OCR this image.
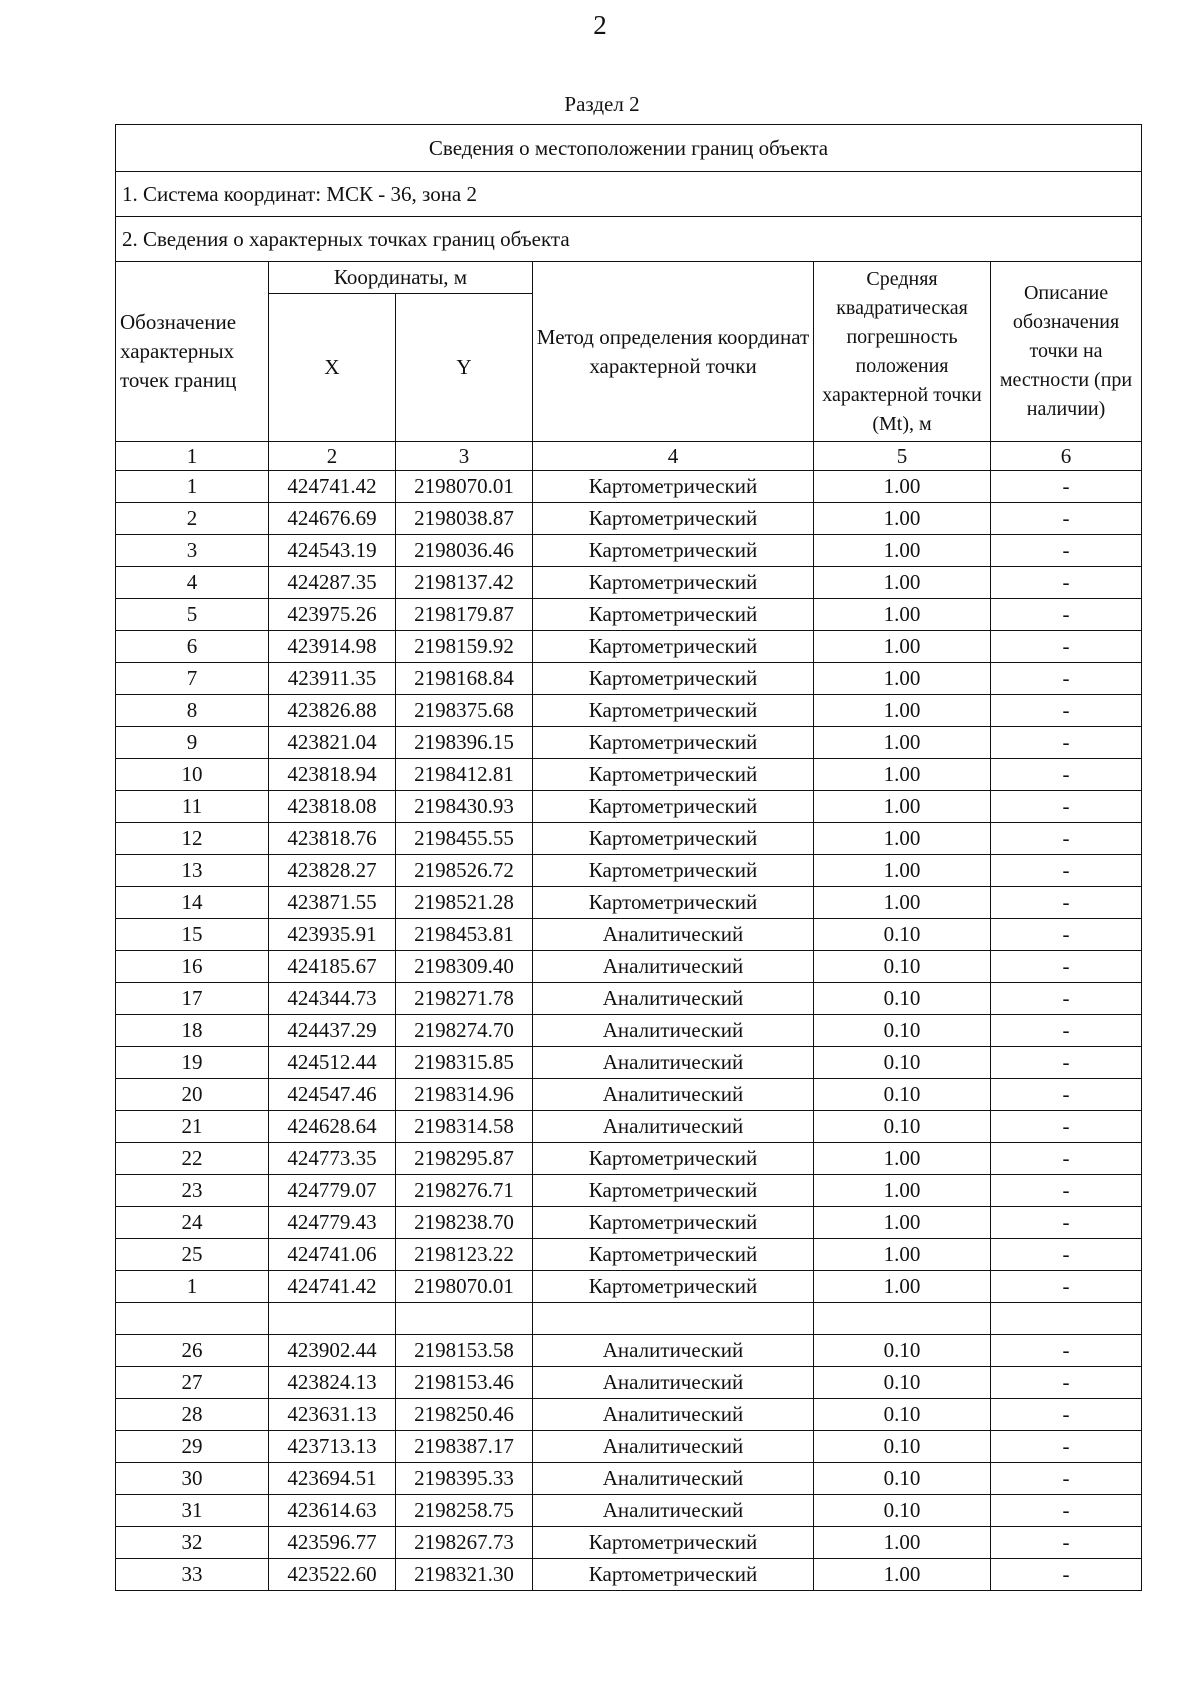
2
Раздел 2
Сведения о местоположении границ объекта					
1. Система координат: МСК - 36, зона 2					
2. Сведения о характерных точках границ объекта					
Обозначение характерных точек границ	Координаты, м		Метод определения координат характерной точки	Средняя квадратическая погрешность положения характерной точки (Mt), м	Описание обозначения точки на местности (при наличии)
	X	Y			
1	2	3	4	5	6
1	424741.42	2198070.01	Картометрический	1.00	-
2	424676.69	2198038.87	Картометрический	1.00	-
3	424543.19	2198036.46	Картометрический	1.00	-
4	424287.35	2198137.42	Картометрический	1.00	-
5	423975.26	2198179.87	Картометрический	1.00	-
6	423914.98	2198159.92	Картометрический	1.00	-
7	423911.35	2198168.84	Картометрический	1.00	-
8	423826.88	2198375.68	Картометрический	1.00	-
9	423821.04	2198396.15	Картометрический	1.00	-
10	423818.94	2198412.81	Картометрический	1.00	-
11	423818.08	2198430.93	Картометрический	1.00	-
12	423818.76	2198455.55	Картометрический	1.00	-
13	423828.27	2198526.72	Картометрический	1.00	-
14	423871.55	2198521.28	Картометрический	1.00	-
15	423935.91	2198453.81	Аналитический	0.10	-
16	424185.67	2198309.40	Аналитический	0.10	-
17	424344.73	2198271.78	Аналитический	0.10	-
18	424437.29	2198274.70	Аналитический	0.10	-
19	424512.44	2198315.85	Аналитический	0.10	-
20	424547.46	2198314.96	Аналитический	0.10	-
21	424628.64	2198314.58	Аналитический	0.10	-
22	424773.35	2198295.87	Картометрический	1.00	-
23	424779.07	2198276.71	Картометрический	1.00	-
24	424779.43	2198238.70	Картометрический	1.00	-
25	424741.06	2198123.22	Картометрический	1.00	-
1	424741.42	2198070.01	Картометрический	1.00	-

26	423902.44	2198153.58	Аналитический	0.10	-
27	423824.13	2198153.46	Аналитический	0.10	-
28	423631.13	2198250.46	Аналитический	0.10	-
29	423713.13	2198387.17	Аналитический	0.10	-
30	423694.51	2198395.33	Аналитический	0.10	-
31	423614.63	2198258.75	Аналитический	0.10	-
32	423596.77	2198267.73	Картометрический	1.00	-
33	423522.60	2198321.30	Картометрический	1.00	-
